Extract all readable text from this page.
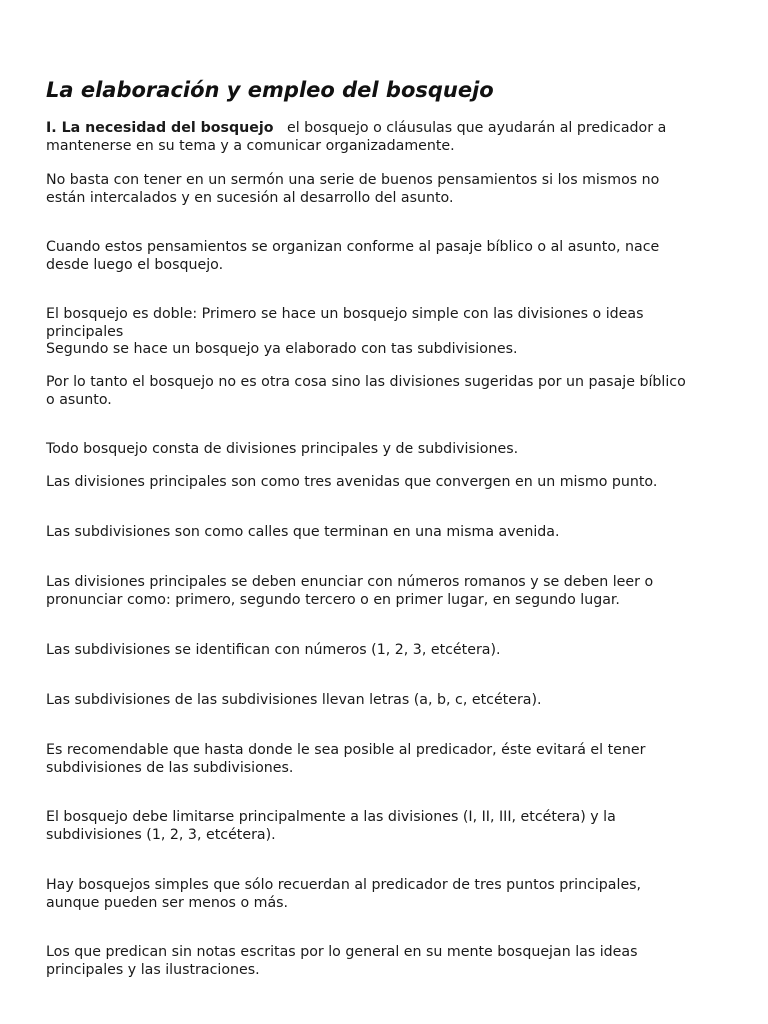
La elaboración y empleo del bosquejo

I. La necesidad del bosquejo el bosquejo o cláusulas que ayudarán al predicador a
mantenerse en su tema y a comunicar organizadamente.

No basta con tener en un sermón una serie de buenos pensamientos si los mismos no
están intercalados y en sucesión al desarrollo del asunto.

Cuando estos pensamientos se organizan conforme al pasaje bíblico o al asunto, nace
desde luego el bosquejo.

El bosquejo es doble: Primero se hace un bosquejo simple con las divisiones o ideas
principales
Segundo se hace un bosquejo ya elaborado con tas subdivisiones.

Por lo tanto el bosquejo no es otra cosa sino las divisiones sugeridas por un pasaje bíblico
o asunto.

Todo bosquejo consta de divisiones principales y de subdivisiones.

Las divisiones principales son como tres avenidas que convergen en un mismo punto.

Las subdivisiones son como calles que terminan en una misma avenida.

Las divisiones principales se deben enunciar con números romanos y se deben leer o
pronunciar como: primero, segundo tercero o en primer lugar, en segundo lugar.

Las subdivisiones se identifican con números (1, 2, 3, etcétera).

Las subdivisiones de las subdivisiones llevan letras (a, b, c, etcétera).

Es recomendable que hasta donde le sea posible al predicador, éste evitará el tener
subdivisiones de las subdivisiones.

El bosquejo debe limitarse principalmente a las divisiones (I, II, III, etcétera) y la
subdivisiones (1, 2, 3, etcétera).

Hay bosquejos simples que sólo recuerdan al predicador de tres puntos principales,
aunque pueden ser menos o más.

Los que predican sin notas escritas por lo general en su mente bosquejan las ideas
principales y las ilustraciones.
